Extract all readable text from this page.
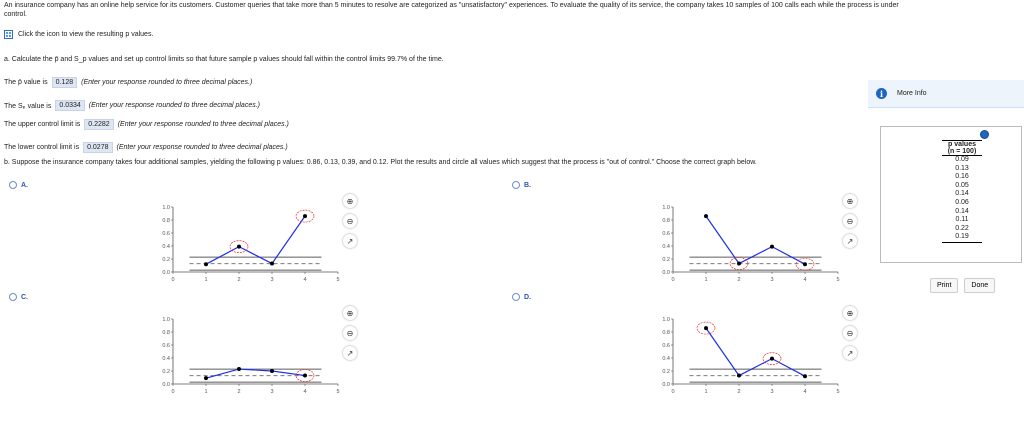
An insurance company has an online help service for its customers. Customer queries that take more than 5 minutes to resolve are categorized as "unsatisfactory" experiences. To evaluate the quality of its service, the company takes 10 samples of 100 calls each while the process is under
control.
Click the icon to view the resulting p values.
a. Calculate the p̄ and S_p values and set up control limits so that future sample p values should fall within the control limits 99.7% of the time.
The p̄ value is	0.128	(Enter your response rounded to three decimal places.)
The Sₚ value is	0.0334	(Enter your response rounded to three decimal places.)
The upper control limit is	0.2282	(Enter your response rounded to three decimal places.)
The lower control limit is	0.0278	(Enter your response rounded to three decimal places.)
b. Suppose the insurance company takes four additional samples, yielding the following p values: 0.86, 0.13, 0.39, and 0.12. Plot the results and circle all values which suggest that the process is "out of control." Choose the correct graph below.
A.	B.
C.	D.
i	More Info
p values
(n = 100)
0.09
0.13
0.16
0.05
0.14
0.06
0.14
0.11
0.22
0.19
Print	Done
0.0
0.2
0.4
0.6
0.8
1.0
0	1	2	3	4	5
⊕
⊖
↗
0.0
0.2
0.4
0.6
0.8
1.0
0	1	2	3	4	5
⊕
⊖
↗
0.0
0.2
0.4
0.6
0.8
1.0
0	1	2	3	4	5
⊕
⊖
↗
0.0
0.2
0.4
0.6
0.8
1.0
0	1	2	3	4	5
⊕
⊖
↗
